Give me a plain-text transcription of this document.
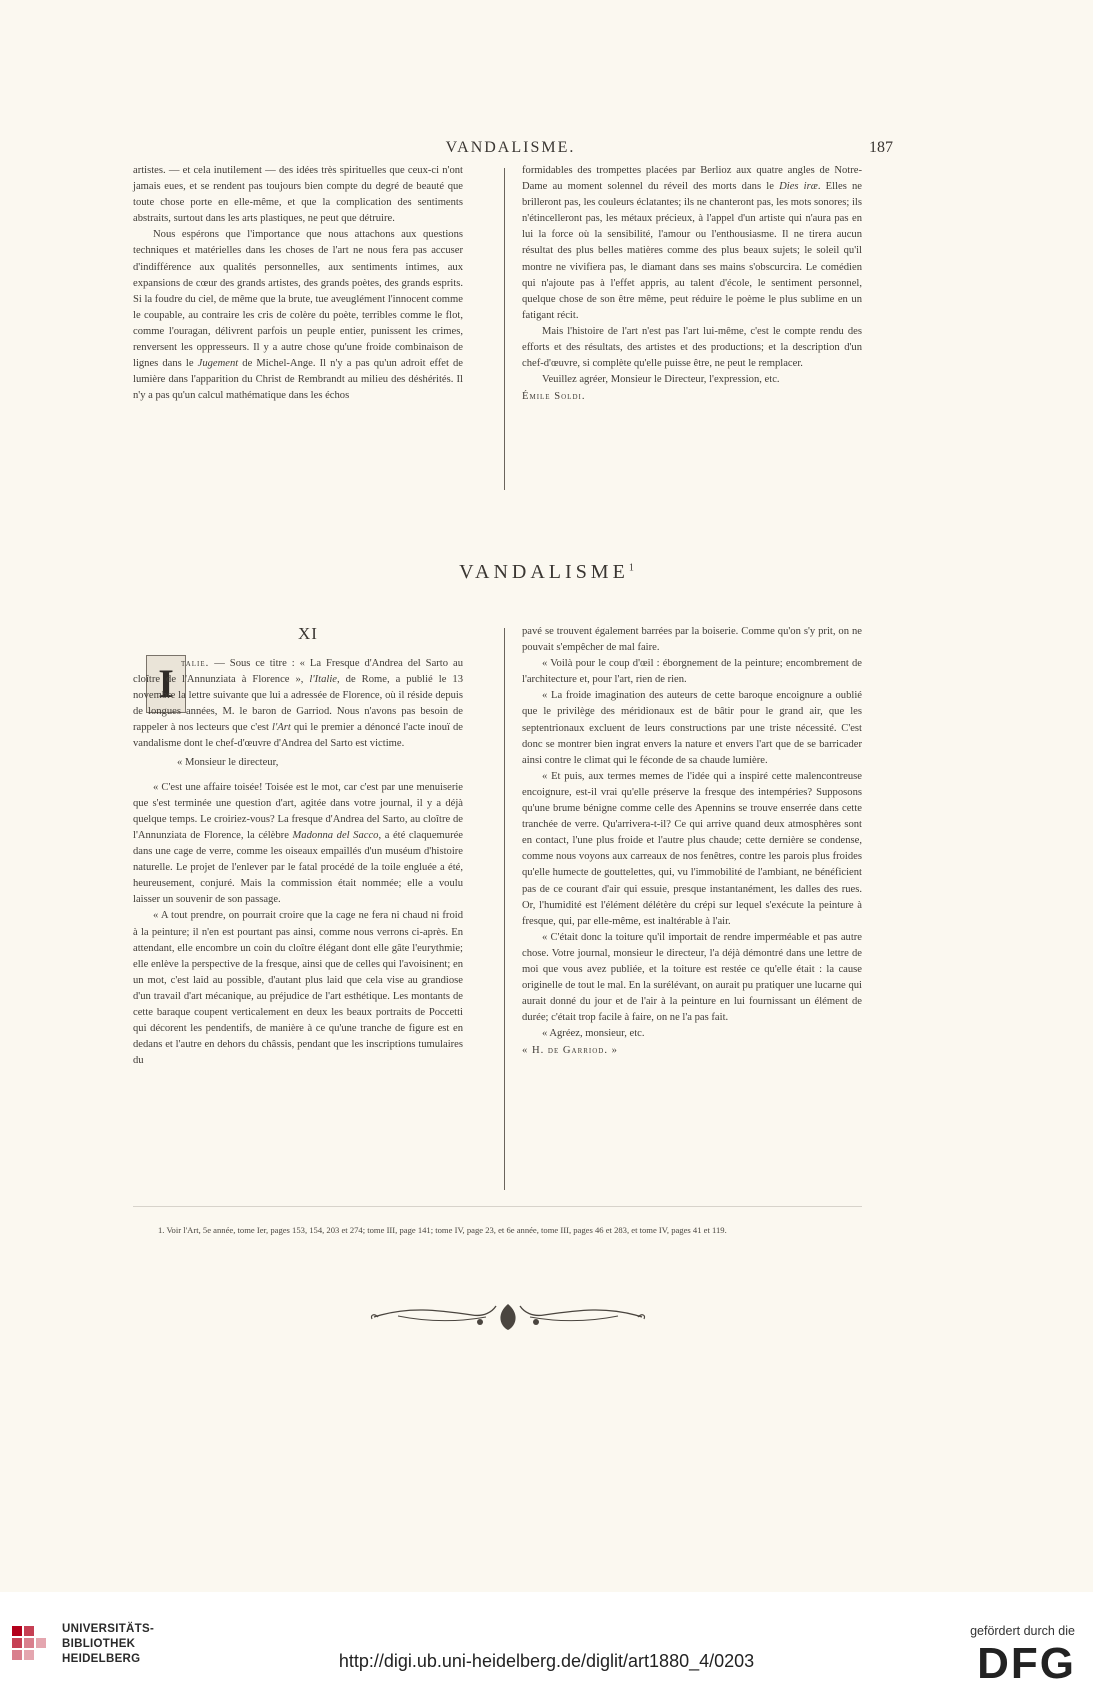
VANDALISME.	187

artistes. — et cela inutilement — des idées très spirituelles que ceux-ci n'ont jamais eues, et se rendent pas toujours bien compte du degré de beauté que toute chose porte en elle-même, et que la complication des sentiments abstraits, surtout dans les arts plastiques, ne peut que détruire.

Nous espérons que l'importance que nous attachons aux questions techniques et matérielles dans les choses de l'art ne nous fera pas accuser d'indifférence aux qualités personnelles, aux sentiments intimes, aux expansions de cœur des grands artistes, des grands poètes, des grands esprits. Si la foudre du ciel, de même que la brute, tue aveuglément l'innocent comme le coupable, au contraire les cris de colère du poète, terribles comme le flot, comme l'ouragan, délivrent parfois un peuple entier, punissent les crimes, renversent les oppresseurs. Il y a autre chose qu'une froide combinaison de lignes dans le Jugement de Michel-Ange. Il n'y a pas qu'un adroit effet de lumière dans l'apparition du Christ de Rembrandt au milieu des déshérités. Il n'y a pas qu'un calcul mathématique dans les échos

formidables des trompettes placées par Berlioz aux quatre angles de Notre-Dame au moment solennel du réveil des morts dans le Dies iræ. Elles ne brilleront pas, les couleurs éclatantes; ils ne chanteront pas, les mots sonores; ils n'étincelleront pas, les métaux précieux, à l'appel d'un artiste qui n'aura pas en lui la force où la sensibilité, l'amour ou l'enthousiasme. Il ne tirera aucun résultat des plus belles matières comme des plus beaux sujets; le soleil qu'il montre ne vivifiera pas, le diamant dans ses mains s'obscurcira. Le comédien qui n'ajoute pas à l'effet appris, au talent d'école, le sentiment personnel, quelque chose de son être même, peut réduire le poème le plus sublime en un fatigant récit.

Mais l'histoire de l'art n'est pas l'art lui-même, c'est le compte rendu des efforts et des résultats, des artistes et des productions; et la description d'un chef-d'œuvre, si complète qu'elle puisse être, ne peut le remplacer.

Veuillez agréer, Monsieur le Directeur, l'expression, etc.

Émile Soldi.

VANDALISME$^1$
XI
I talie. — Sous ce titre : « La Fresque d'Andrea del Sarto au cloître de l'Annunziata à Florence », l'Italie, de Rome, a publié le 13 novembre la lettre suivante que lui a adressée de Florence, où il réside depuis de longues années, M. le baron de Garriod. Nous n'avons pas besoin de rappeler à nos lecteurs que c'est l'Art qui le premier a dénoncé l'acte inouï de vandalisme dont le chef-d'œuvre d'Andrea del Sarto est victime.

« Monsieur le directeur,

« C'est une affaire toisée! Toisée est le mot, car c'est par une menuiserie que s'est terminée une question d'art, agitée dans votre journal, il y a déjà quelque temps. Le croiriez-vous? La fresque d'Andrea del Sarto, au cloître de l'Annunziata de Florence, la célèbre Madonna del Sacco, a été claquemurée dans une cage de verre, comme les oiseaux empaillés d'un muséum d'histoire naturelle. Le projet de l'enlever par le fatal procédé de la toile engluée a été, heureusement, conjuré. Mais la commission était nommée; elle a voulu laisser un souvenir de son passage.

« A tout prendre, on pourrait croire que la cage ne fera ni chaud ni froid à la peinture; il n'en est pourtant pas ainsi, comme nous verrons ci-après. En attendant, elle encombre un coin du cloître élégant dont elle gâte l'eurythmie; elle enlève la perspective de la fresque, ainsi que de celles qui l'avoisinent; en un mot, c'est laid au possible, d'autant plus laid que cela vise au grandiose d'un travail d'art mécanique, au préjudice de l'art esthétique. Les montants de cette baraque coupent verticalement en deux les beaux portraits de Poccetti qui décorent les pendentifs, de manière à ce qu'une tranche de figure est en dedans et l'autre en dehors du châssis, pendant que les inscriptions tumulaires du

pavé se trouvent également barrées par la boiserie. Comme qu'on s'y prit, on ne pouvait s'empêcher de mal faire.

« Voilà pour le coup d'œil : éborgnement de la peinture; encombrement de l'architecture et, pour l'art, rien de rien.

« La froide imagination des auteurs de cette baroque encoignure a oublié que le privilège des méridionaux est de bâtir pour le grand air, que les septentrionaux excluent de leurs constructions par une triste nécessité. C'est donc se montrer bien ingrat envers la nature et envers l'art que de se barricader ainsi contre le climat qui le féconde de sa chaude lumière.

« Et puis, aux termes memes de l'idée qui a inspiré cette malencontreuse encoignure, est-il vrai qu'elle préserve la fresque des intempéries? Supposons qu'une brume bénigne comme celle des Apennins se trouve enserrée dans cette tranchée de verre. Qu'arrivera-t-il? Ce qui arrive quand deux atmosphères sont en contact, l'une plus froide et l'autre plus chaude; cette dernière se condense, comme nous voyons aux carreaux de nos fenêtres, contre les parois plus froides qu'elle humecte de gouttelettes, qui, vu l'immobilité de l'ambiant, ne bénéficient pas de ce courant d'air qui essuie, presque instantanément, les dalles des rues. Or, l'humidité est l'élément délétère du crépi sur lequel s'exécute la peinture à fresque, qui, par elle-même, est inaltérable à l'air.

« C'était donc la toiture qu'il importait de rendre imperméable et pas autre chose. Votre journal, monsieur le directeur, l'a déjà démontré dans une lettre de moi que vous avez publiée, et la toiture est restée ce qu'elle était : la cause originelle de tout le mal. En la surélévant, on aurait pu pratiquer une lucarne qui aurait donné du jour et de l'air à la peinture en lui fournissant un élément de durée; c'était trop facile à faire, on ne l'a pas fait.

« Agréez, monsieur, etc.

« H. de Garriod. »

1. Voir l'Art, 5e année, tome Ier, pages 153, 154, 203 et 274; tome III, page 141; tome IV, page 23, et 6e année, tome III, pages 46 et 283, et tome IV, pages 41 et 119.
UNIVERSITÄTS-
BIBLIOTHEK
HEIDELBERG	http://digi.ub.uni-heidelberg.de/diglit/art1880_4/0203
gefördert durch die
DFG
